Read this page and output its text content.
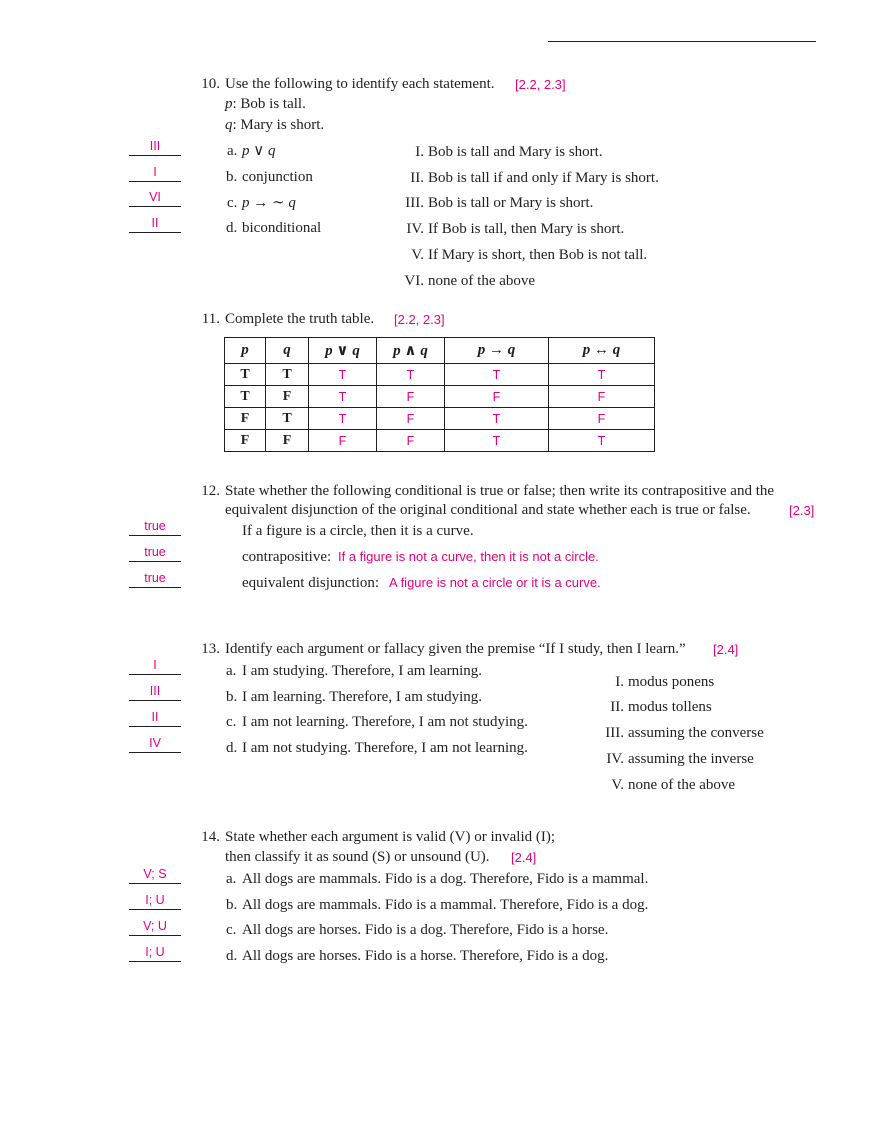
10. Use the following to identify each statement. [2.2, 2.3]
p: Bob is tall.
q: Mary is short.
III
I
VI
II
a. p ∨ q
b. conjunction
c. p → ∼ q
d. biconditional
I. Bob is tall and Mary is short.
II. Bob is tall if and only if Mary is short.
III. Bob is tall or Mary is short.
IV. If Bob is tall, then Mary is short.
V. If Mary is short, then Bob is not tall.
VI. none of the above
11. Complete the truth table. [2.2, 2.3]
p	q	p ∨ q	p ∧ q	p → q	p ↔ q
T	T	T	T	T	T
T	F	T	F	F	F
F	T	T	F	T	F
F	F	F	F	T	T
12. State whether the following conditional is true or false; then write its contrapositive and the
equivalent disjunction of the original conditional and state whether each is true or false.	[2.3]
true
true
true
If a figure is a circle, then it is a curve.
contrapositive: If a figure is not a curve, then it is not a circle.
equivalent disjunction: A figure is not a circle or it is a curve.
13. Identify each argument or fallacy given the premise “If I study, then I learn.” [2.4]
I
III
II
IV
a. I am studying. Therefore, I am learning.
b. I am learning. Therefore, I am studying.
c. I am not learning. Therefore, I am not studying.
d. I am not studying. Therefore, I am not learning.
I. modus ponens
II. modus tollens
III. assuming the converse
IV. assuming the inverse
V. none of the above
14. State whether each argument is valid (V) or invalid (I);
then classify it as sound (S) or unsound (U). [2.4]
V; S
I; U
V; U
I; U
a. All dogs are mammals. Fido is a dog. Therefore, Fido is a mammal.
b. All dogs are mammals. Fido is a mammal. Therefore, Fido is a dog.
c. All dogs are horses. Fido is a dog. Therefore, Fido is a horse.
d. All dogs are horses. Fido is a horse. Therefore, Fido is a dog.
